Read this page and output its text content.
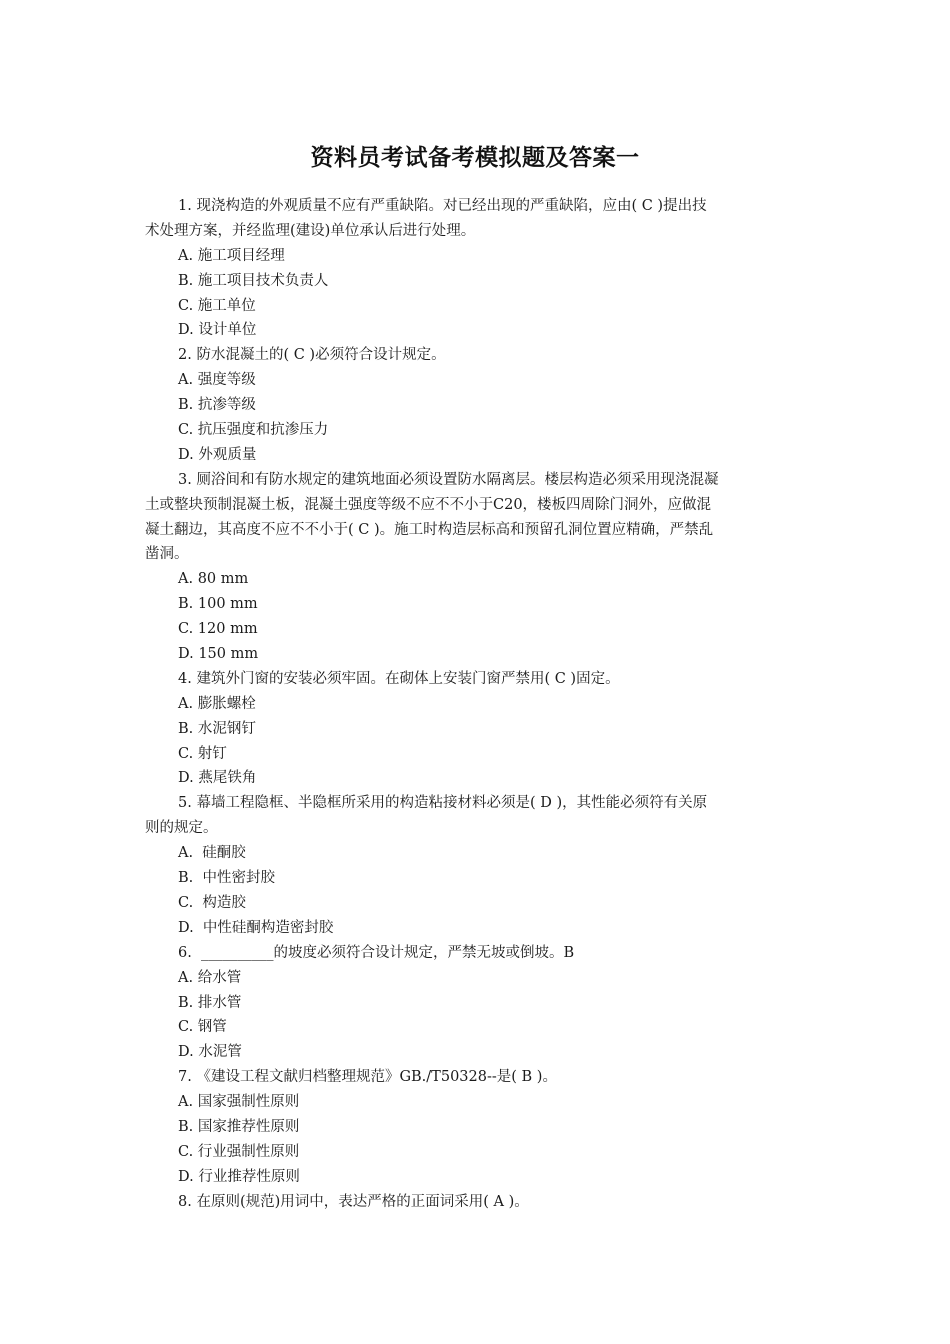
资料员考试备考模拟题及答案一
1. 现浇构造的外观质量不应有严重缺陷。对已经出现的严重缺陷，应由( C )提出技
术处理方案，并经监理(建设)单位承认后进行处理。
A. 施工项目经理
B. 施工项目技术负责人
C. 施工单位
D. 设计单位
2. 防水混凝土的( C )必须符合设计规定。
A. 强度等级
B. 抗渗等级
C. 抗压强度和抗渗压力
D. 外观质量
3. 厕浴间和有防水规定的建筑地面必须设置防水隔离层。楼层构造必须采用现浇混凝
土或整块预制混凝土板，混凝土强度等级不应不不小于C20，楼板四周除门洞外，应做混
凝土翻边，其高度不应不不小于( C )。施工时构造层标高和预留孔洞位置应精确，严禁乱
凿洞。
A. 80 mm
B. 100 mm
C. 120 mm
D. 150 mm
4. 建筑外门窗的安装必须牢固。在砌体上安装门窗严禁用( C )固定。
A. 膨胀螺栓
B. 水泥钢钉
C. 射钉
D. 燕尾铁角
5. 幕墙工程隐框、半隐框所采用的构造粘接材料必须是( D )，其性能必须符有关原
则的规定。
A.  硅酮胶
B.  中性密封胶
C.  构造胶
D.  中性硅酮构造密封胶
6.  __________的坡度必须符合设计规定，严禁无坡或倒坡。B
A. 给水管
B. 排水管
C. 钢管
D. 水泥管
7. 《建设工程文献归档整理规范》GB./T50328--是( B )。
A. 国家强制性原则
B. 国家推荐性原则
C. 行业强制性原则
D. 行业推荐性原则
8. 在原则(规范)用词中，表达严格的正面词采用( A )。
